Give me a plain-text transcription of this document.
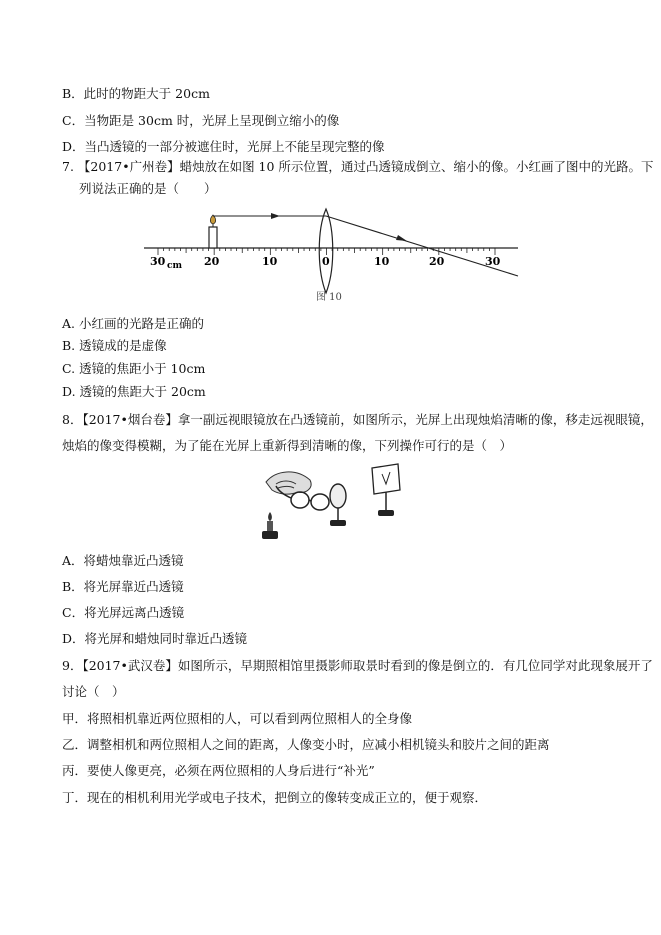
B．此时的物距大于 20cm
C．当物距是 30cm 时，光屏上呈现倒立缩小的像
D．当凸透镜的一部分被遮住时，光屏上不能呈现完整的像
7. 【2017•广州卷】蜡烛放在如图 10 所示位置，通过凸透镜成倒立、缩小的像。小红画了图中的光路。下
列说法正确的是（　　）
30 cm 20	10	0	10	20	30
图 10
A. 小红画的光路是正确的
B. 透镜成的是虚像
C. 透镜的焦距小于 10cm
D. 透镜的焦距大于 20cm
8．【2017•烟台卷】拿一副远视眼镜放在凸透镜前，如图所示，光屏上出现烛焰清晰的像，移走远视眼镜，
烛焰的像变得模糊，为了能在光屏上重新得到清晰的像，下列操作可行的是（　）
A．将蜡烛靠近凸透镜
B．将光屏靠近凸透镜
C．将光屏远离凸透镜
D．将光屏和蜡烛同时靠近凸透镜
9．【2017•武汉卷】如图所示，早期照相馆里摄影师取景时看到的像是倒立的．有几位同学对此现象展开了
讨论（　）
甲．将照相机靠近两位照相的人，可以看到两位照相人的全身像
乙．调整相机和两位照相人之间的距离，人像变小时，应减小相机镜头和胶片之间的距离
丙．要使人像更亮，必须在两位照相的人身后进行“补光”
丁．现在的相机利用光学或电子技术，把倒立的像转变成正立的，便于观察．
